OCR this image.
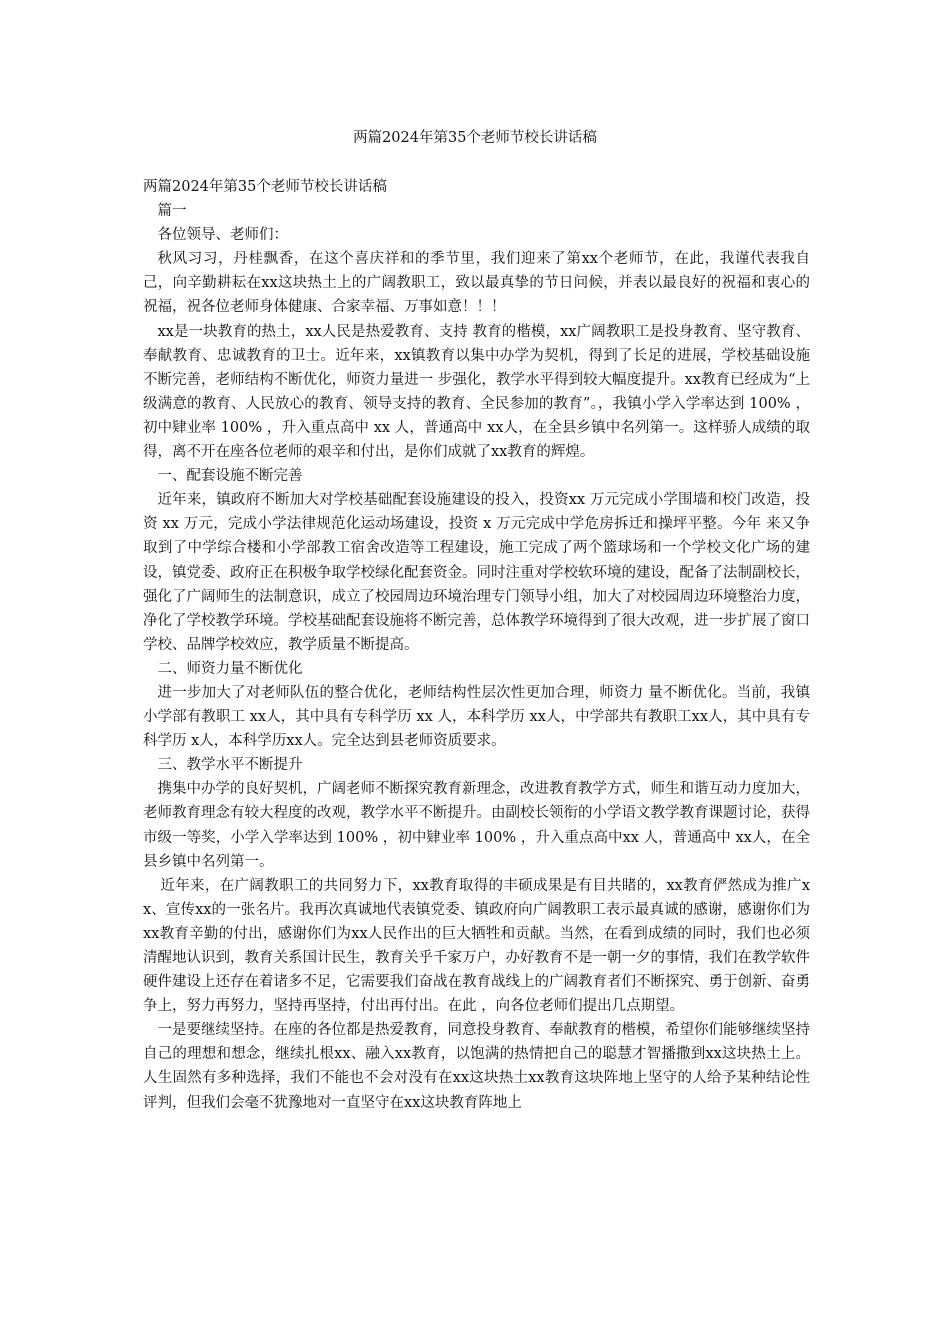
两篇2024年第35个老师节校长讲话稿

两篇2024年第35个老师节校长讲话稿

篇一

各位领导、老师们：

秋风习习，丹桂飘香，在这个喜庆祥和的季节里，我们迎来了第xx个老师节，在此，我谨代表我自己，向辛勤耕耘在xx这块热土上的广阔教职工，致以最真挚的节日问候，并表以最良好的祝福和衷心的祝福，祝各位老师身体健康、合家幸福、万事如意！！！

xx是一块教育的热土，xx人民是热爱教育、支持 教育的楷模，xx广阔教职工是投身教育、坚守教育、奉献教育、忠诚教育的卫士。近年来，xx镇教育以集中办学为契机，得到了长足的进展，学校基础设施不断完善，老师结构不断优化，师资力量进一 步强化，教学水平得到较大幅度提升。xx教育已经成为“上级满意的教育、人民放心的教育、领导支持的教育、全民参加的教育”。，我镇小学入学率达到 100% ，初中肄业率 100% ，升入重点高中 xx 人，普通高中 xx人，在全县乡镇中名列第一。这样骄人成绩的取得，离不开在座各位老师的艰辛和付出，是你们成就了xx教育的辉煌。

一、配套设施不断完善

近年来，镇政府不断加大对学校基础配套设施建设的投入，投资xx 万元完成小学围墙和校门改造，投资 xx 万元，完成小学法律规范化运动场建设，投资 x 万元完成中学危房拆迁和操坪平整。今年 来又争取到了中学综合楼和小学部教工宿舍改造等工程建设，施工完成了两个篮球场和一个学校文化广场的建设，镇党委、政府正在积极争取学校绿化配套资金。同时注重对学校软环境的建设，配备了法制副校长，强化了广阔师生的法制意识，成立了校园周边环境治理专门领导小组，加大了对校园周边环境整治力度，净化了学校教学环境。学校基础配套设施将不断完善，总体教学环境得到了很大改观，进一步扩展了窗口学校、品牌学校效应，教学质量不断提高。

二、师资力量不断优化

进一步加大了对老师队伍的整合优化，老师结构性层次性更加合理，师资力 量不断优化。当前，我镇小学部有教职工 xx人，其中具有专科学历 xx 人，本科学历 xx人，中学部共有教职工xx人，其中具有专科学历 x人，本科学历xx人。完全达到县老师资质要求。

三、教学水平不断提升

携集中办学的良好契机，广阔老师不断探究教育新理念，改进教育教学方式，师生和谐互动力度加大，老师教育理念有较大程度的改观，教学水平不断提升。由副校长领衔的小学语文教学教育课题讨论，获得市级一等奖，小学入学率达到 100% ，初中肄业率 100% ，升入重点高中xx 人，普通高中 xx人，在全县乡镇中名列第一。

近年来，在广阔教职工的共同努力下，xx教育取得的丰硕成果是有目共睹的，xx教育俨然成为推广xx、宣传xx的一张名片。我再次真诚地代表镇党委、镇政府向广阔教职工表示最真诚的感谢，感谢你们为xx教育辛勤的付出，感谢你们为xx人民作出的巨大牺牲和贡献。当然，在看到成绩的同时，我们也必须清醒地认识到，教育关系国计民生，教育关乎千家万户，办好教育不是一朝一夕的事情，我们在教学软件硬件建设上还存在着诸多不足，它需要我们奋战在教育战线上的广阔教育者们不断探究、勇于创新、奋勇争上，努力再努力，坚持再坚持，付出再付出。在此 ，向各位老师们提出几点期望。

一是要继续坚持。在座的各位都是热爱教育，同意投身教育、奉献教育的楷模，希望你们能够继续坚持自己的理想和想念，继续扎根xx、融入xx教育，以饱满的热情把自己的聪慧才智播撒到xx这块热土上。人生固然有多种选择，我们不能也不会对没有在xx这块热土xx教育这块阵地上坚守的人给予某种结论性评判，但我们会毫不犹豫地对一直坚守在xx这块教育阵地上
